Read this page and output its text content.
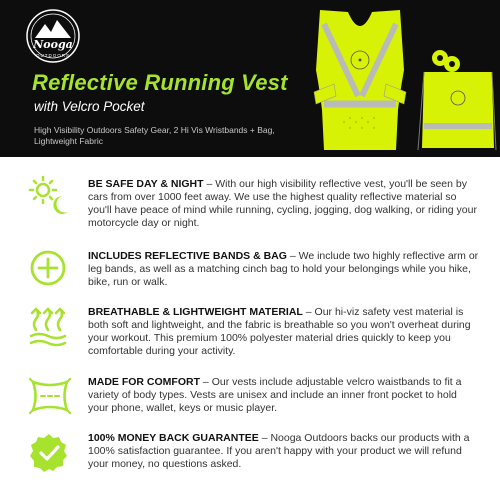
Nooga
OUTDOORS
Reflective Running Vest
with Velcro Pocket
High Visibility Outdoors Safety Gear, 2 Hi Vis Wristbands + Bag, Lightweight Fabric
BE SAFE DAY & NIGHT – With our high visibility reflective vest, you'll be seen by cars from over 1000 feet away. We use the highest quality reflective material so you'll have peace of mind while running, cycling, jogging, dog walking, or riding your motorcycle day or night.
INCLUDES REFLECTIVE BANDS & BAG – We include two highly reflective arm or leg bands, as well as a matching cinch bag to hold your belongings while you hike, bike, run or walk.
BREATHABLE & LIGHTWEIGHT MATERIAL – Our hi-viz safety vest material is both soft and lightweight, and the fabric is breathable so you won't overheat during your workout. This premium 100% polyester material dries quickly to keep you comfortable during your activity.
MADE FOR COMFORT – Our vests include adjustable velcro waistbands to fit a variety of body types. Vests are unisex and include an inner front pocket to hold your phone, wallet, keys or music player.
100% MONEY BACK GUARANTEE – Nooga Outdoors backs our products with a 100% satisfaction guarantee. If you aren't happy with your product we will refund your money, no questions asked.
